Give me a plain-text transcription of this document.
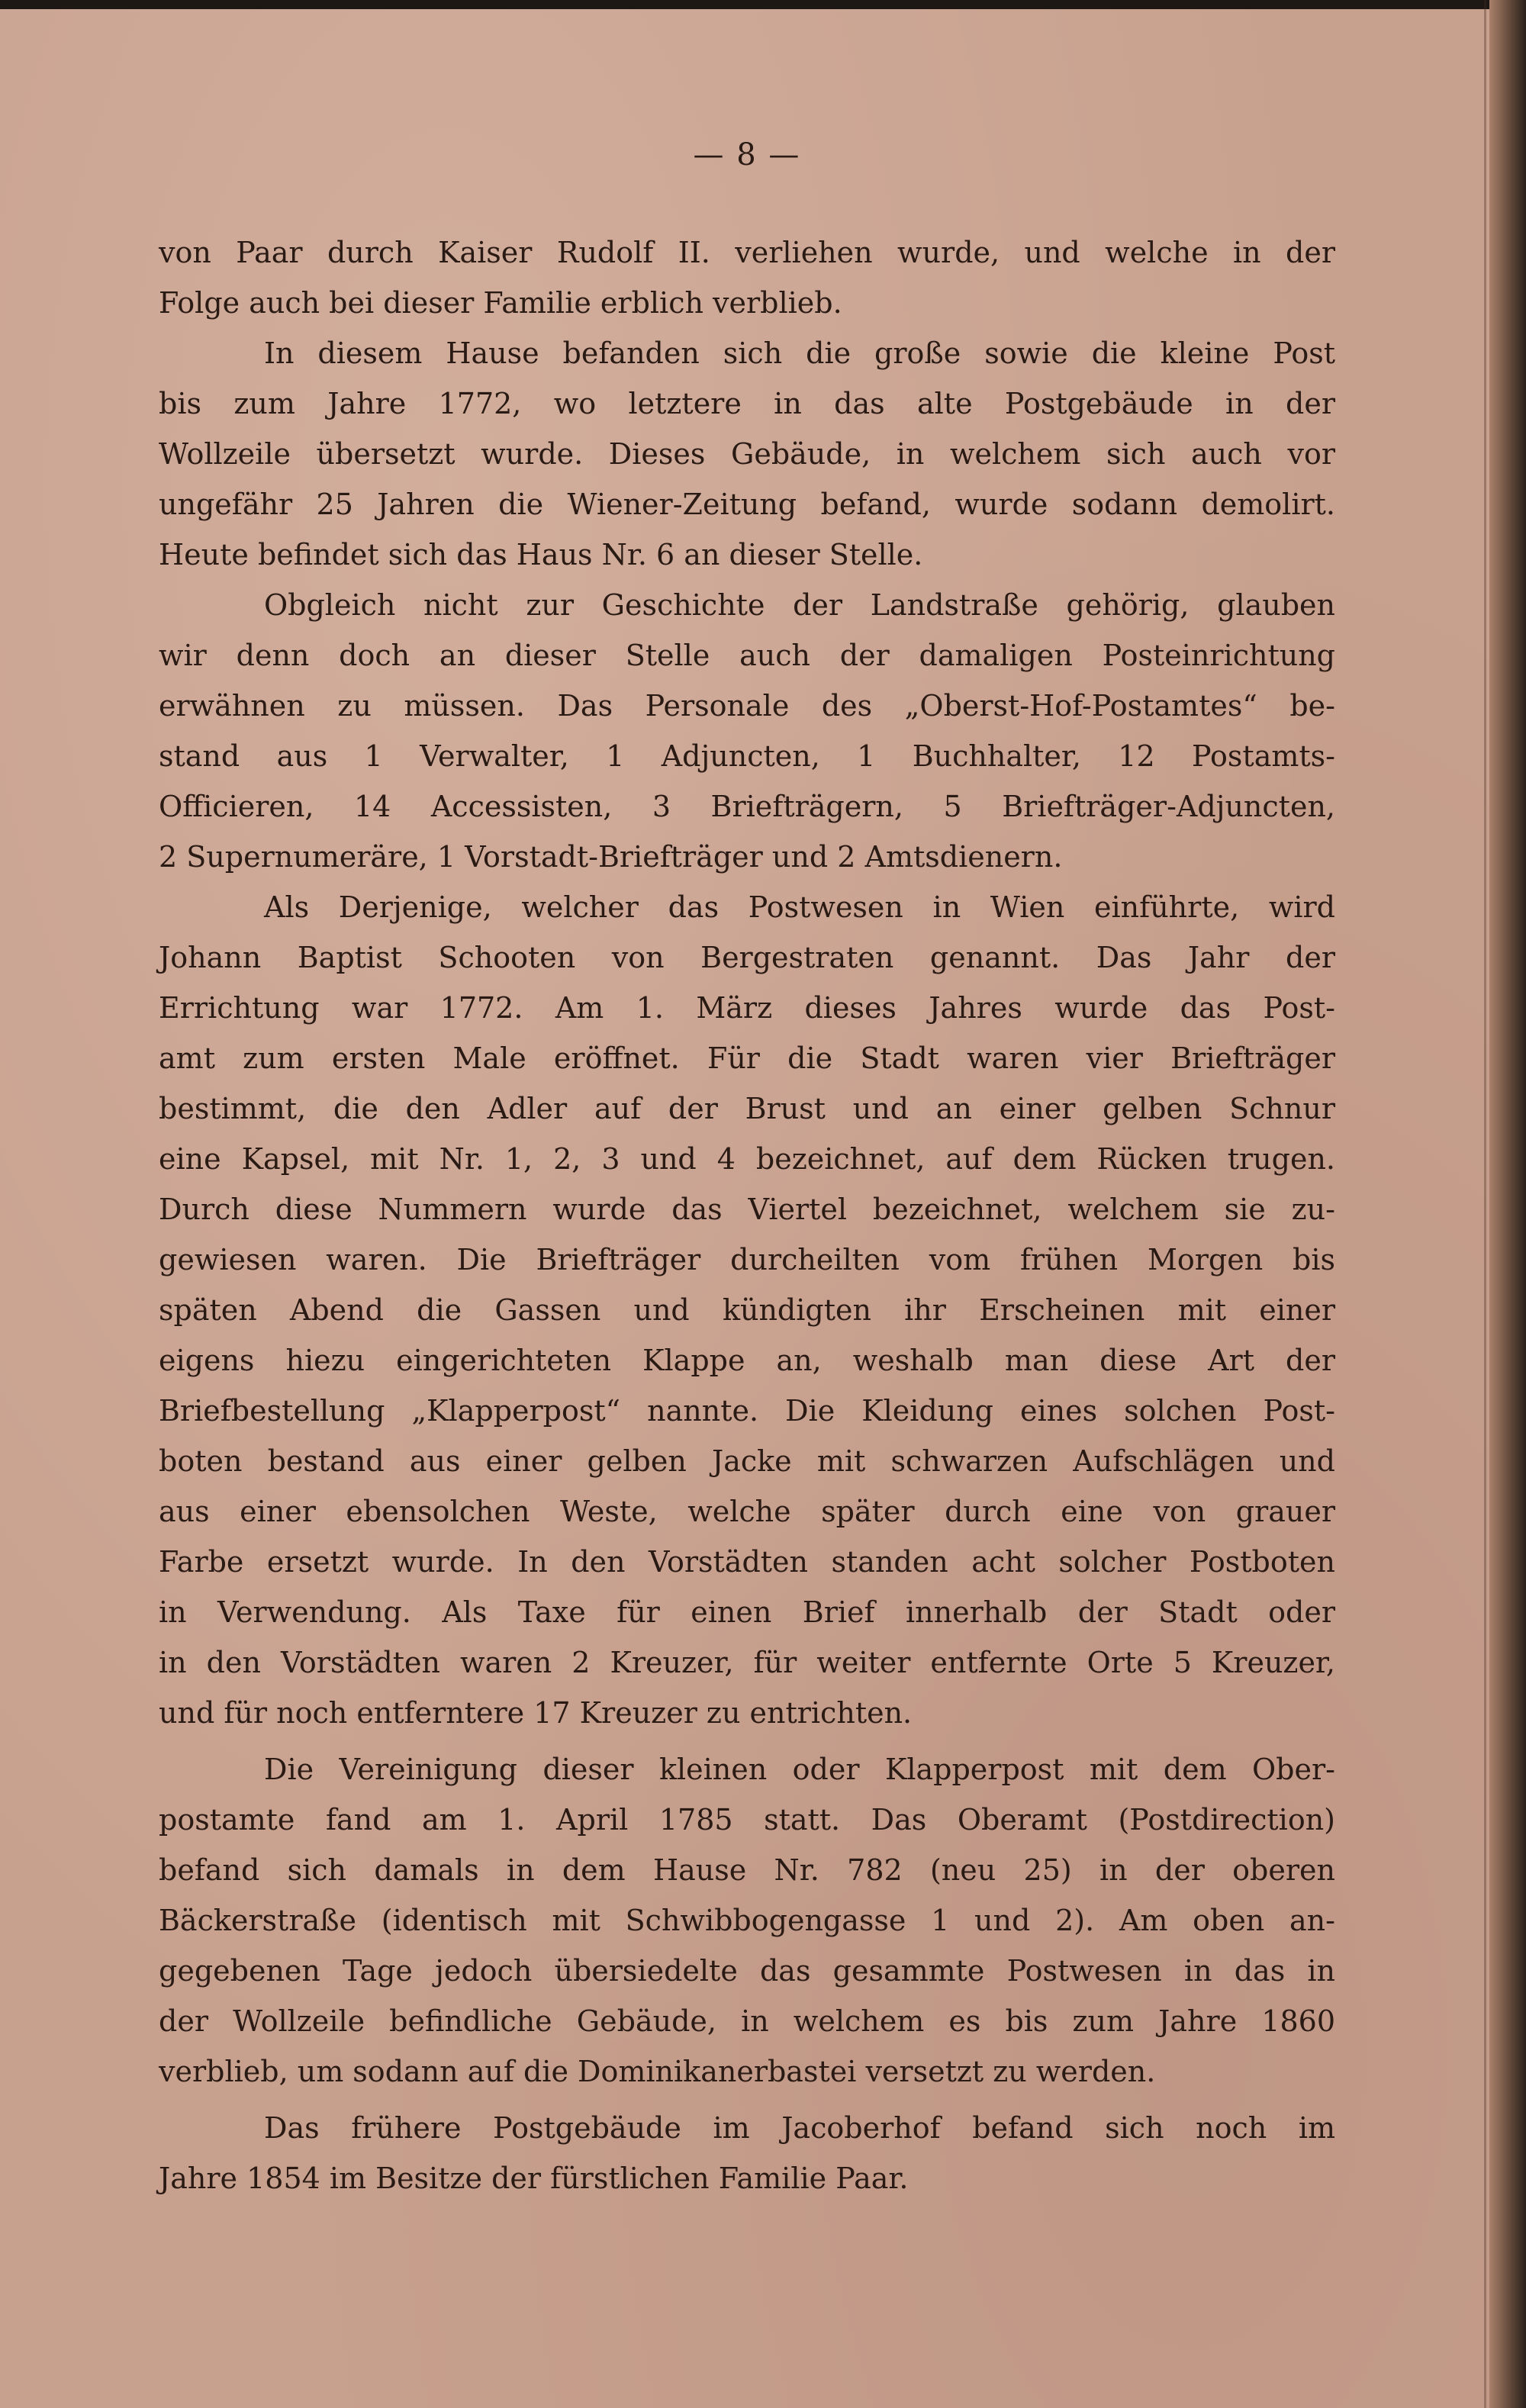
— 8 —
von Paar durch Kaiser Rudolf II. verliehen wurde, und welche in der
Folge auch bei dieser Familie erblich verblieb.
In diesem Hause befanden sich die große sowie die kleine Post
bis zum Jahre 1772, wo letztere in das alte Postgebäude in der
Wollzeile übersetzt wurde. Dieses Gebäude, in welchem sich auch vor
ungefähr 25 Jahren die Wiener-Zeitung befand, wurde sodann demolirt.
Heute befindet sich das Haus Nr. 6 an dieser Stelle.
Obgleich nicht zur Geschichte der Landstraße gehörig, glauben
wir denn doch an dieser Stelle auch der damaligen Posteinrichtung
erwähnen zu müssen. Das Personale des „Oberst-Hof-Postamtes“ be-
stand aus 1 Verwalter, 1 Adjuncten, 1 Buchhalter, 12 Postamts-
Officieren, 14 Accessisten, 3 Briefträgern, 5 Briefträger-Adjuncten,
2 Supernumeräre, 1 Vorstadt-Briefträger und 2 Amtsdienern.
Als Derjenige, welcher das Postwesen in Wien einführte, wird
Johann Baptist Schooten von Bergestraten genannt. Das Jahr der
Errichtung war 1772. Am 1. März dieses Jahres wurde das Post-
amt zum ersten Male eröffnet. Für die Stadt waren vier Briefträger
bestimmt, die den Adler auf der Brust und an einer gelben Schnur
eine Kapsel, mit Nr. 1, 2, 3 und 4 bezeichnet, auf dem Rücken trugen.
Durch diese Nummern wurde das Viertel bezeichnet, welchem sie zu-
gewiesen waren. Die Briefträger durcheilten vom frühen Morgen bis
späten Abend die Gassen und kündigten ihr Erscheinen mit einer
eigens hiezu eingerichteten Klappe an, weshalb man diese Art der
Briefbestellung „Klapperpost“ nannte. Die Kleidung eines solchen Post-
boten bestand aus einer gelben Jacke mit schwarzen Aufschlägen und
aus einer ebensolchen Weste, welche später durch eine von grauer
Farbe ersetzt wurde. In den Vorstädten standen acht solcher Postboten
in Verwendung. Als Taxe für einen Brief innerhalb der Stadt oder
in den Vorstädten waren 2 Kreuzer, für weiter entfernte Orte 5 Kreuzer,
und für noch entferntere 17 Kreuzer zu entrichten.
Die Vereinigung dieser kleinen oder Klapperpost mit dem Ober-
postamte fand am 1. April 1785 statt. Das Oberamt (Postdirection)
befand sich damals in dem Hause Nr. 782 (neu 25) in der oberen
Bäckerstraße (identisch mit Schwibbogengasse 1 und 2). Am oben an-
gegebenen Tage jedoch übersiedelte das gesammte Postwesen in das in
der Wollzeile befindliche Gebäude, in welchem es bis zum Jahre 1860
verblieb, um sodann auf die Dominikanerbastei versetzt zu werden.
Das frühere Postgebäude im Jacoberhof befand sich noch im
Jahre 1854 im Besitze der fürstlichen Familie Paar.
